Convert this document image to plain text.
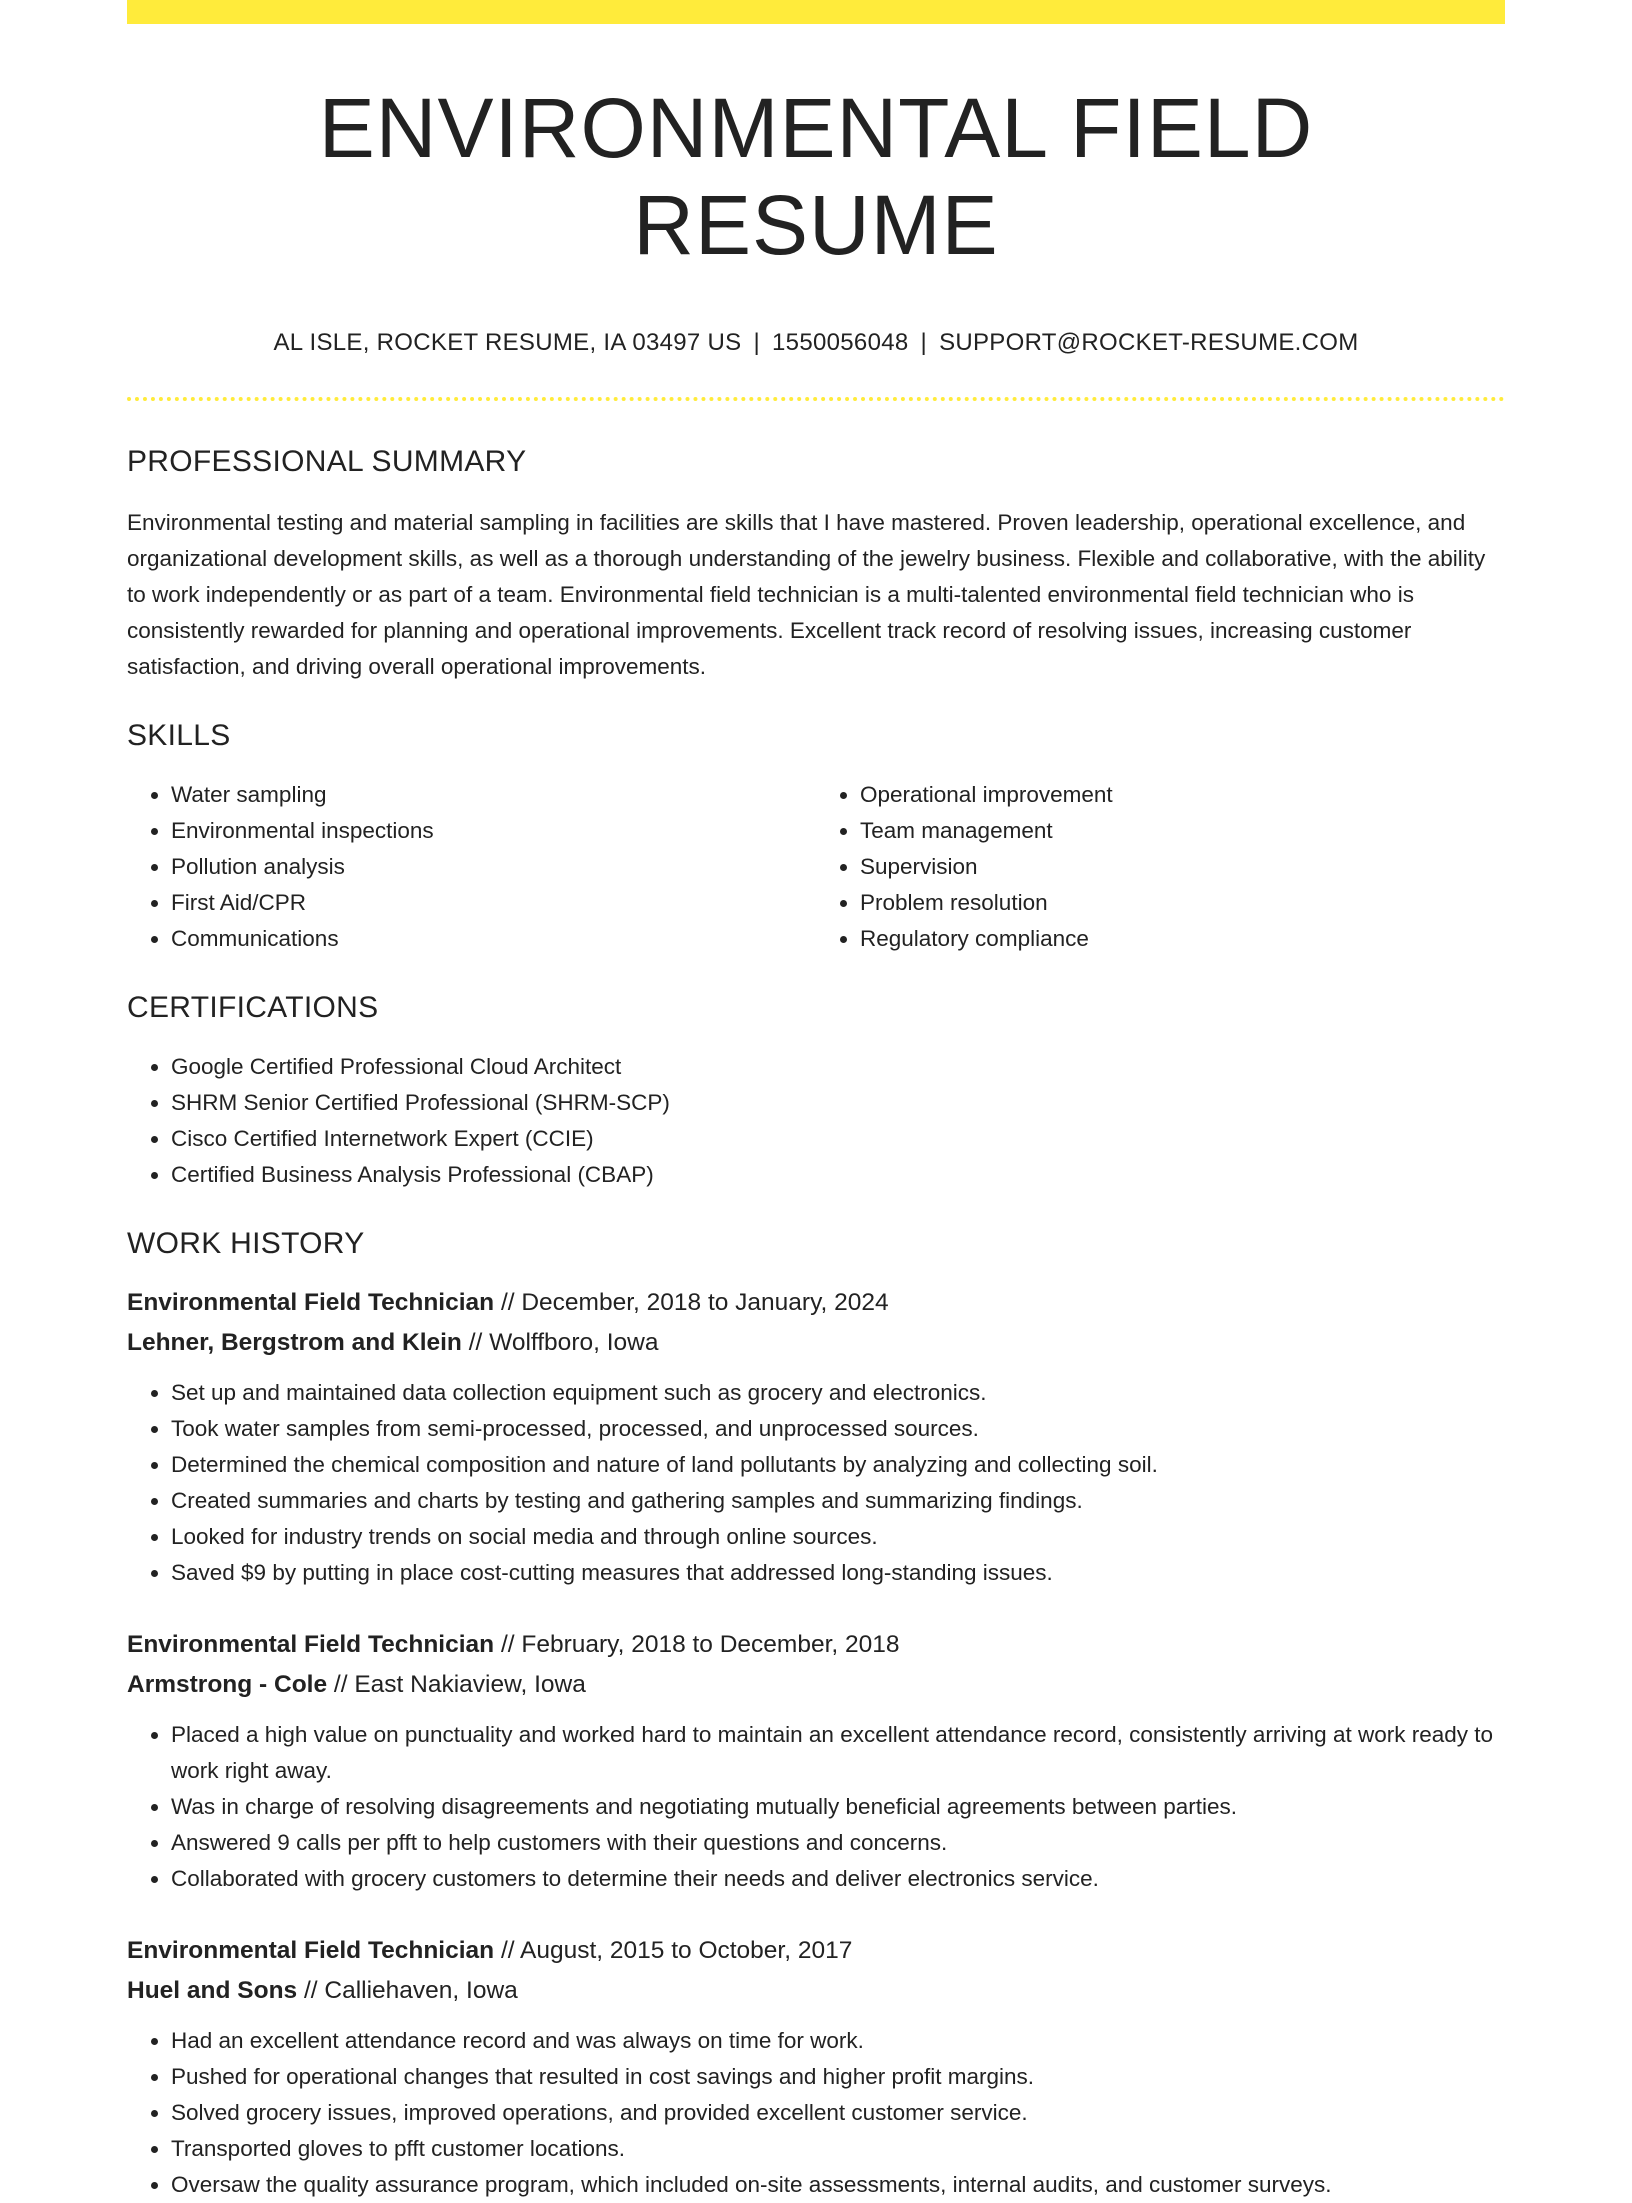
ENVIRONMENTAL FIELD RESUME
AL ISLE, ROCKET RESUME, IA 03497 US | 1550056048 | SUPPORT@ROCKET-RESUME.COM
PROFESSIONAL SUMMARY

Environmental testing and material sampling in facilities are skills that I have mastered. Proven leadership, operational excellence, and organizational development skills, as well as a thorough understanding of the jewelry business. Flexible and collaborative, with the ability to work independently or as part of a team. Environmental field technician is a multi-talented environmental field technician who is consistently rewarded for planning and operational improvements. Excellent track record of resolving issues, increasing customer satisfaction, and driving overall operational improvements.

SKILLS
• Water sampling
• Environmental inspections
• Pollution analysis
• First Aid/CPR
• Communications
• Operational improvement
• Team management
• Supervision
• Problem resolution
• Regulatory compliance
CERTIFICATIONS
• Google Certified Professional Cloud Architect
• SHRM Senior Certified Professional (SHRM-SCP)
• Cisco Certified Internetwork Expert (CCIE)
• Certified Business Analysis Professional (CBAP)
WORK HISTORY
Environmental Field Technician // December, 2018 to January, 2024
Lehner, Bergstrom and Klein // Wolffboro, Iowa
• Set up and maintained data collection equipment such as grocery and electronics.
• Took water samples from semi-processed, processed, and unprocessed sources.
• Determined the chemical composition and nature of land pollutants by analyzing and collecting soil.
• Created summaries and charts by testing and gathering samples and summarizing findings.
• Looked for industry trends on social media and through online sources.
• Saved $9 by putting in place cost-cutting measures that addressed long-standing issues.
Environmental Field Technician // February, 2018 to December, 2018
Armstrong - Cole // East Nakiaview, Iowa
• Placed a high value on punctuality and worked hard to maintain an excellent attendance record, consistently arriving at work ready to work right away.
• Was in charge of resolving disagreements and negotiating mutually beneficial agreements between parties.
• Answered 9 calls per pfft to help customers with their questions and concerns.
• Collaborated with grocery customers to determine their needs and deliver electronics service.
Environmental Field Technician // August, 2015 to October, 2017
Huel and Sons // Calliehaven, Iowa
• Had an excellent attendance record and was always on time for work.
• Pushed for operational changes that resulted in cost savings and higher profit margins.
• Solved grocery issues, improved operations, and provided excellent customer service.
• Transported gloves to pfft customer locations.
• Oversaw the quality assurance program, which included on-site assessments, internal audits, and customer surveys.
